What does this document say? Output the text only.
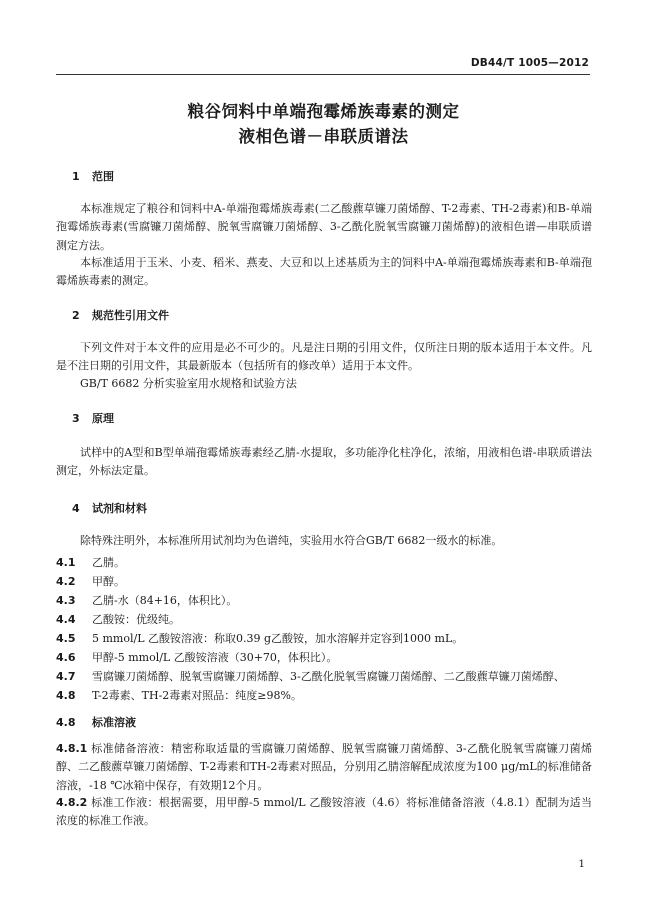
DB44/T 1005—2012
粮谷饲料中单端孢霉烯族毒素的测定
液相色谱－串联质谱法
1 范围
本标准规定了粮谷和饲料中A-单端孢霉烯族毒素(二乙酸藨草镰刀菌烯醇、T-2毒素、TH-2毒素)和B-单端孢霉烯族毒素(雪腐镰刀菌烯醇、脱氧雪腐镰刀菌烯醇、3-乙酰化脱氧雪腐镰刀菌烯醇)的液相色谱—串联质谱测定方法。
本标准适用于玉米、小麦、稻米、燕麦、大豆和以上述基质为主的饲料中A-单端孢霉烯族毒素和B-单端孢霉烯族毒素的测定。
2 规范性引用文件
下列文件对于本文件的应用是必不可少的。凡是注日期的引用文件，仅所注日期的版本适用于本文件。凡是不注日期的引用文件，其最新版本（包括所有的修改单）适用于本文件。
GB/T 6682 分析实验室用水规格和试验方法
3 原理
试样中的A型和B型单端孢霉烯族毒素经乙腈-水提取，多功能净化柱净化，浓缩，用液相色谱-串联质谱法测定，外标法定量。
4 试剂和材料
除特殊注明外，本标准所用试剂均为色谱纯，实验用水符合GB/T 6682一级水的标准。
4.1 乙腈。
4.2 甲醇。
4.3 乙腈-水（84+16，体积比）。
4.4 乙酸铵：优级纯。
4.5 5 mmol/L 乙酸铵溶液：称取0.39 g乙酸铵，加水溶解并定容到1000 mL。
4.6 甲醇-5 mmol/L 乙酸铵溶液（30+70，体积比）。
4.7 雪腐镰刀菌烯醇、脱氧雪腐镰刀菌烯醇、3-乙酰化脱氧雪腐镰刀菌烯醇、二乙酸藨草镰刀菌烯醇、
4.8 T-2毒素、TH-2毒素对照品：纯度≥98%。
4.8 标准溶液
4.8.1 标准储备溶液：精密称取适量的雪腐镰刀菌烯醇、脱氧雪腐镰刀菌烯醇、3-乙酰化脱氧雪腐镰刀菌烯醇、二乙酸藨草镰刀菌烯醇、T-2毒素和TH-2毒素对照品，分别用乙腈溶解配成浓度为100 μg/mL的标准储备溶液，-18 ℃冰箱中保存，有效期12个月。
4.8.2 标准工作液：根据需要，用甲醇-5 mmol/L 乙酸铵溶液（4.6）将标准储备溶液（4.8.1）配制为适当浓度的标准工作液。
1
